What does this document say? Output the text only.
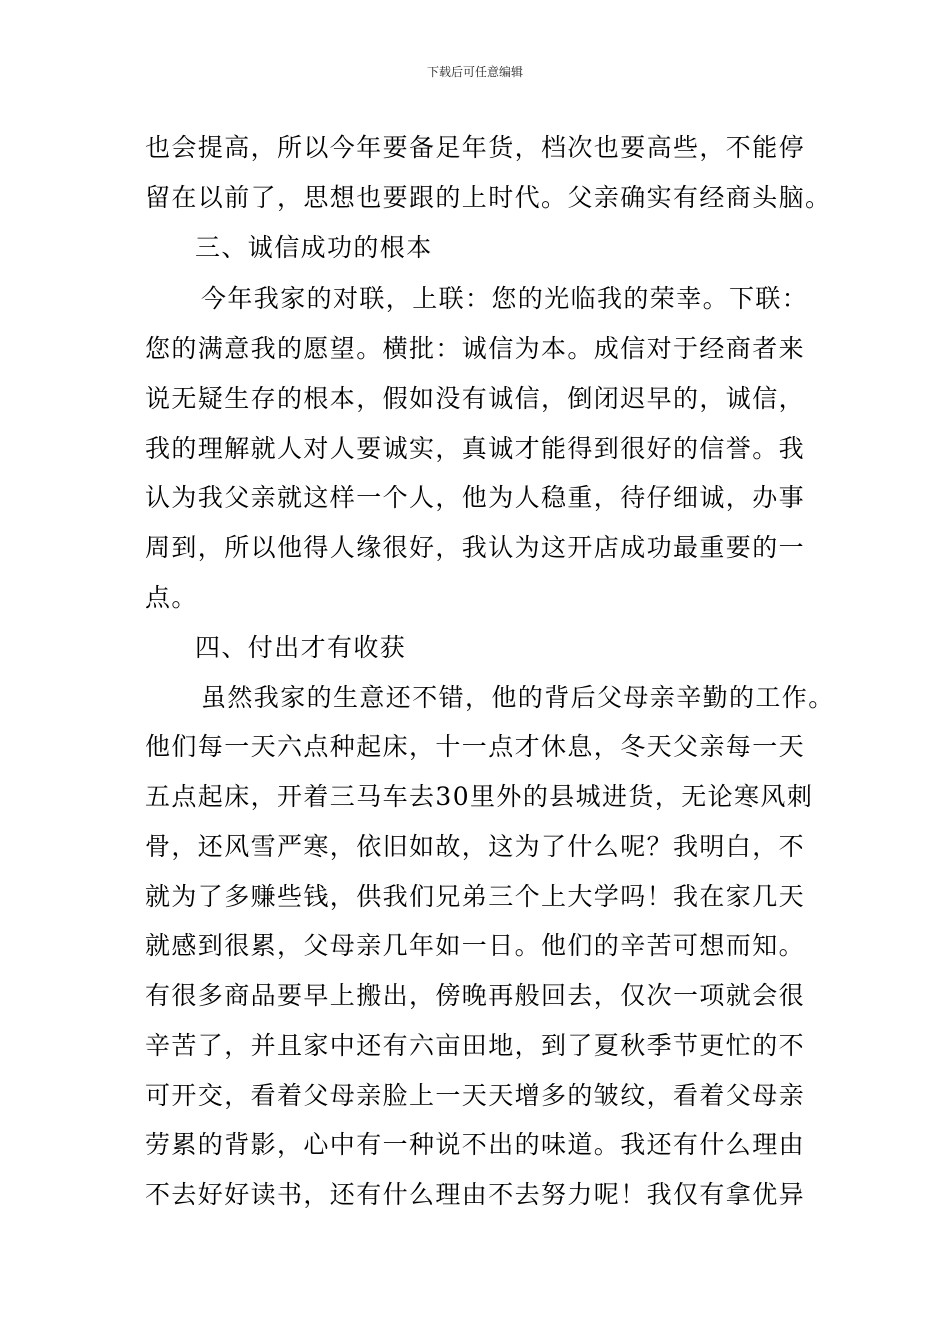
下载后可任意编辑
也会提高，所以今年要备足年货，档次也要高些，不能停
留在以前了，思想也要跟的上时代。父亲确实有经商头脑。
三、诚信成功的根本
今年我家的对联，上联：您的光临我的荣幸。下联：
您的满意我的愿望。横批：诚信为本。成信对于经商者来
说无疑生存的根本，假如没有诚信，倒闭迟早的，诚信，
我的理解就人对人要诚实，真诚才能得到很好的信誉。我
认为我父亲就这样一个人，他为人稳重，待仔细诚，办事
周到，所以他得人缘很好，我认为这开店成功最重要的一
点。
四、付出才有收获
虽然我家的生意还不错，他的背后父母亲辛勤的工作。
他们每一天六点种起床，十一点才休息，冬天父亲每一天
五点起床，开着三马车去30里外的县城进货，无论寒风刺
骨，还风雪严寒，依旧如故，这为了什么呢？我明白，不
就为了多赚些钱，供我们兄弟三个上大学吗！我在家几天
就感到很累，父母亲几年如一日。他们的辛苦可想而知。
有很多商品要早上搬出，傍晚再般回去，仅次一项就会很
辛苦了，并且家中还有六亩田地，到了夏秋季节更忙的不
可开交，看着父母亲脸上一天天增多的皱纹，看着父母亲
劳累的背影，心中有一种说不出的味道。我还有什么理由
不去好好读书，还有什么理由不去努力呢！我仅有拿优异
